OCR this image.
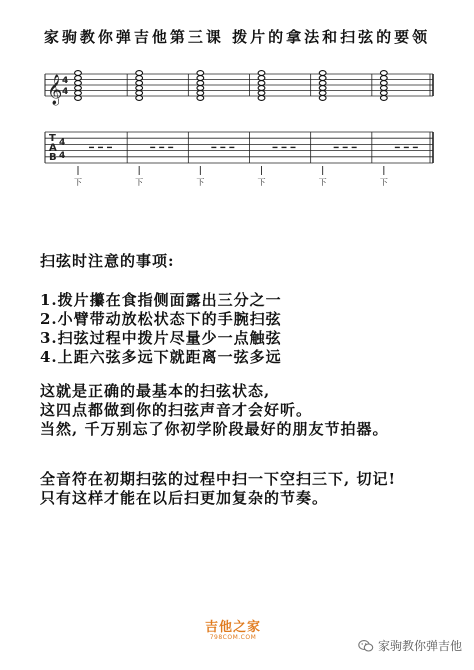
家驹教你弹吉他第三课 拨片的拿法和扫弦的要领
𝄞 4
4
T
A
B
4
4
下	下	下	下	下	下
扫弦时注意的事项:
1.拨片攥在食指侧面露出三分之一
2.小臂带动放松状态下的手腕扫弦
3.扫弦过程中拨片尽量少一点触弦
4.上距六弦多远下就距离一弦多远
这就是正确的最基本的扫弦状态,
这四点都做到你的扫弦声音才会好听。
当然, 千万别忘了你初学阶段最好的朋友节拍器。
全音符在初期扫弦的过程中扫一下空扫三下, 切记!
只有这样才能在以后扫更加复杂的节奏。
吉他之家
798COM.COM
家驹教你弹吉他
